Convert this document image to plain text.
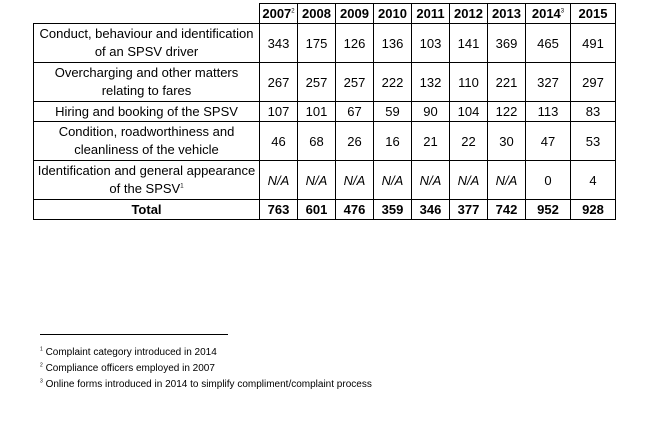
	2007$^2$	2008	2009	2010	2011	2012	2013	2014$^3$	2015
Conduct, behaviour and identification of an SPSV driver	343	175	126	136	103	141	369	465	491
Overcharging and other matters relating to fares	267	257	257	222	132	110	221	327	297
Hiring and booking of the SPSV	107	101	67	59	90	104	122	113	83
Condition, roadworthiness and cleanliness of the vehicle	46	68	26	16	21	22	30	47	53
Identification and general appearance of the SPSV$^1$	N/A	N/A	N/A	N/A	N/A	N/A	N/A	0	4
Total	763	601	476	359	346	377	742	952	928
$^1$ Complaint category introduced in 2014
$^2$ Compliance officers employed in 2007
$^3$ Online forms introduced in 2014 to simplify compliment/complaint process
